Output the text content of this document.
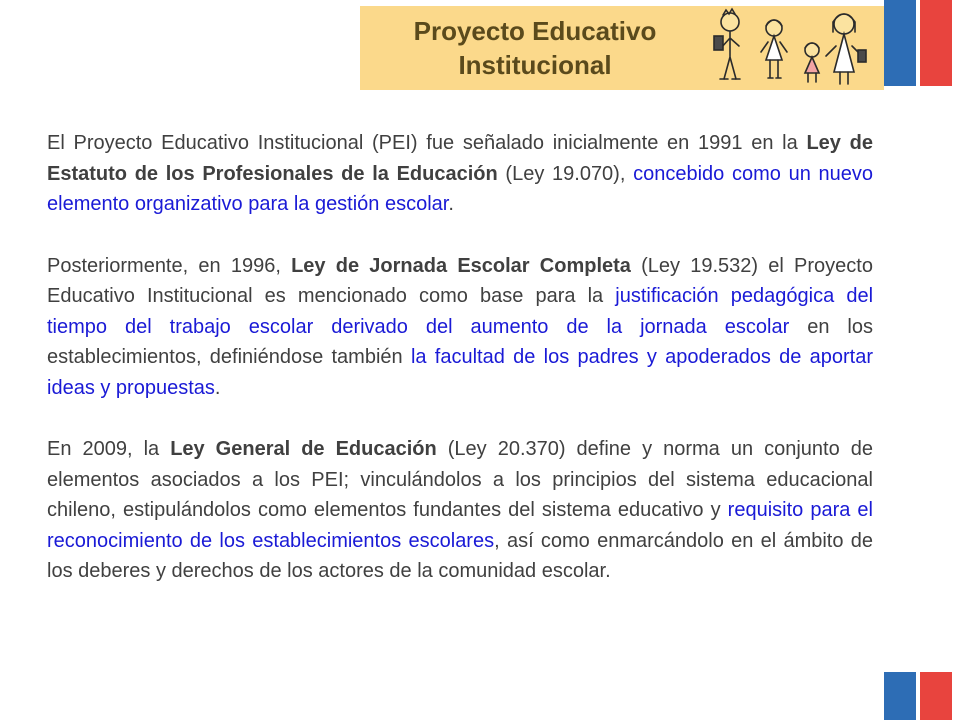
Proyecto Educativo
Institucional

El Proyecto Educativo Institucional (PEI) fue señalado inicialmente en 1991 en la Ley de Estatuto de los Profesionales de la Educación (Ley 19.070), concebido como un nuevo elemento organizativo para la gestión escolar.

Posteriormente, en 1996, Ley de Jornada Escolar Completa (Ley 19.532) el Proyecto Educativo Institucional es mencionado como base para la justificación pedagógica del tiempo del trabajo escolar derivado del aumento de la jornada escolar en los establecimientos, definiéndose también la facultad de los padres y apoderados de aportar ideas y propuestas.

En 2009, la Ley General de Educación (Ley 20.370) define y norma un conjunto de elementos asociados a los PEI; vinculándolos a los principios del sistema educacional chileno, estipulándolos como elementos fundantes del sistema educativo y requisito para el reconocimiento de los establecimientos escolares, así como enmarcándolo en el ámbito de los deberes y derechos de los actores de la comunidad escolar.
